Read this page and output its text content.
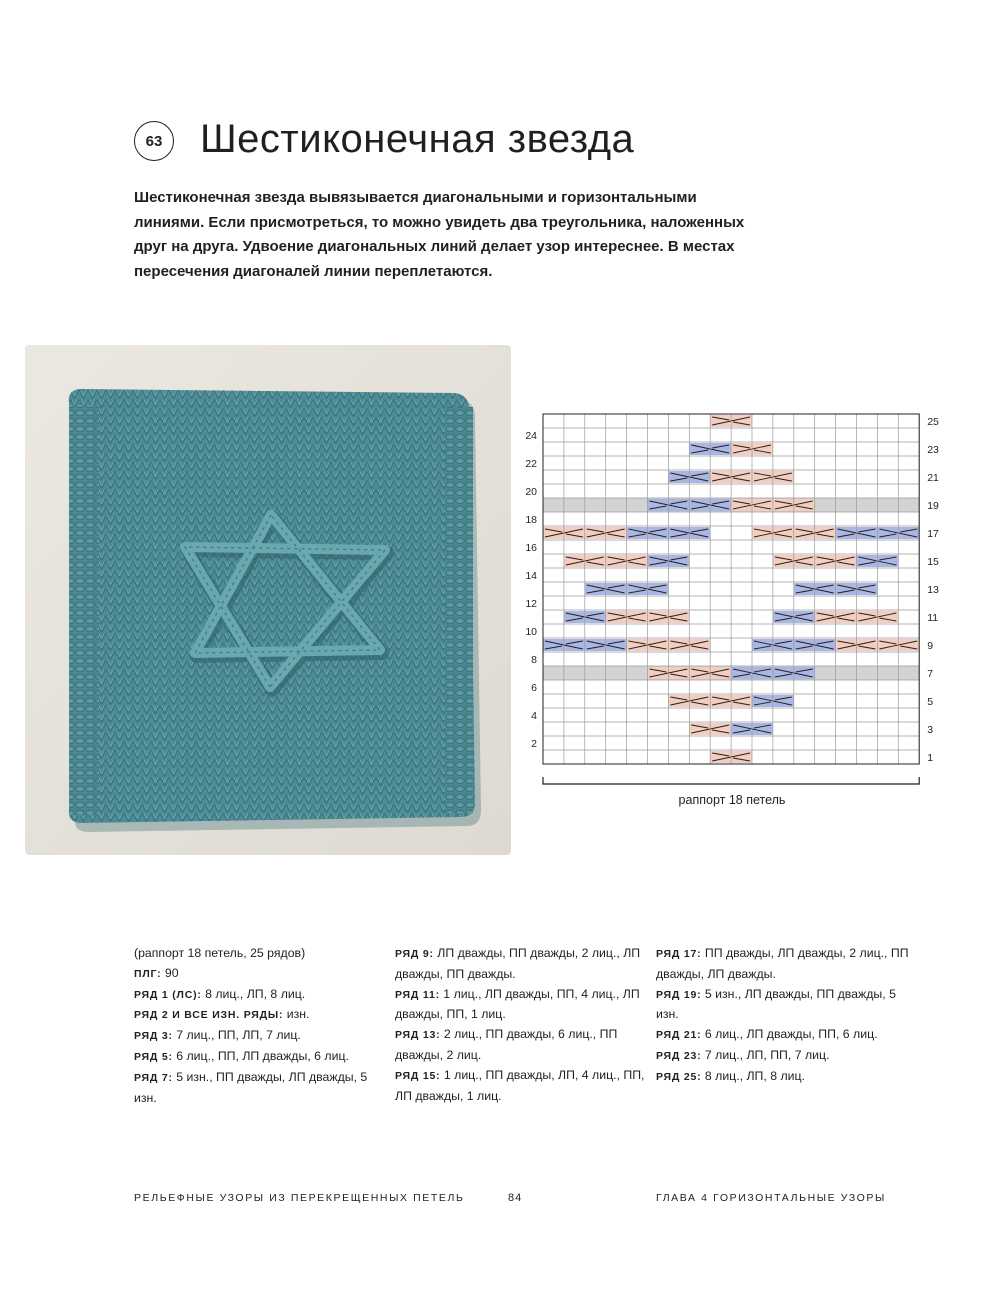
63 Шестиконечная звезда

Шестиконечная звезда вывязывается диагональными и горизонтальными линиями. Если присмотреться, то можно увидеть два треугольника, наложенных друг на друга. Удвоение диагональных линий делает узор интереснее. В местах пересечения диагоналей линии переплетаются.

1
3
5
7
9
11
13
15
17
19
21
23
25
2
4
6
8
10
12
14
16
18
20
22
24
раппорт 18 петель

(раппорт 18 петель, 25 рядов)

ПЛГ: 90

РЯД 1 (ЛС): 8 лиц., ЛП, 8 лиц.

РЯД 2 И ВСЕ ИЗН. РЯДЫ: изн.

РЯД 3: 7 лиц., ПП, ЛП, 7 лиц.

РЯД 5: 6 лиц., ПП, ЛП дважды, 6 лиц.

РЯД 7: 5 изн., ПП дважды, ЛП дважды, 5 изн.

РЯД 9: ЛП дважды, ПП дважды, 2 лиц., ЛП дважды, ПП дважды.

РЯД 11: 1 лиц., ЛП дважды, ПП, 4 лиц., ЛП дважды, ПП, 1 лиц.

РЯД 13: 2 лиц., ПП дважды, 6 лиц., ПП дважды, 2 лиц.

РЯД 15: 1 лиц., ПП дважды, ЛП, 4 лиц., ПП, ЛП дважды, 1 лиц.

РЯД 17: ПП дважды, ЛП дважды, 2 лиц., ПП дважды, ЛП дважды.

РЯД 19: 5 изн., ЛП дважды, ПП дважды, 5 изн.

РЯД 21: 6 лиц., ЛП дважды, ПП, 6 лиц.

РЯД 23: 7 лиц., ЛП, ПП, 7 лиц.

РЯД 25: 8 лиц., ЛП, 8 лиц.

РЕЛЬЕФНЫЕ УЗОРЫ ИЗ ПЕРЕКРЕЩЕННЫХ ПЕТЕЛЬ	84	ГЛАВА 4 ГОРИЗОНТАЛЬНЫЕ УЗОРЫ
